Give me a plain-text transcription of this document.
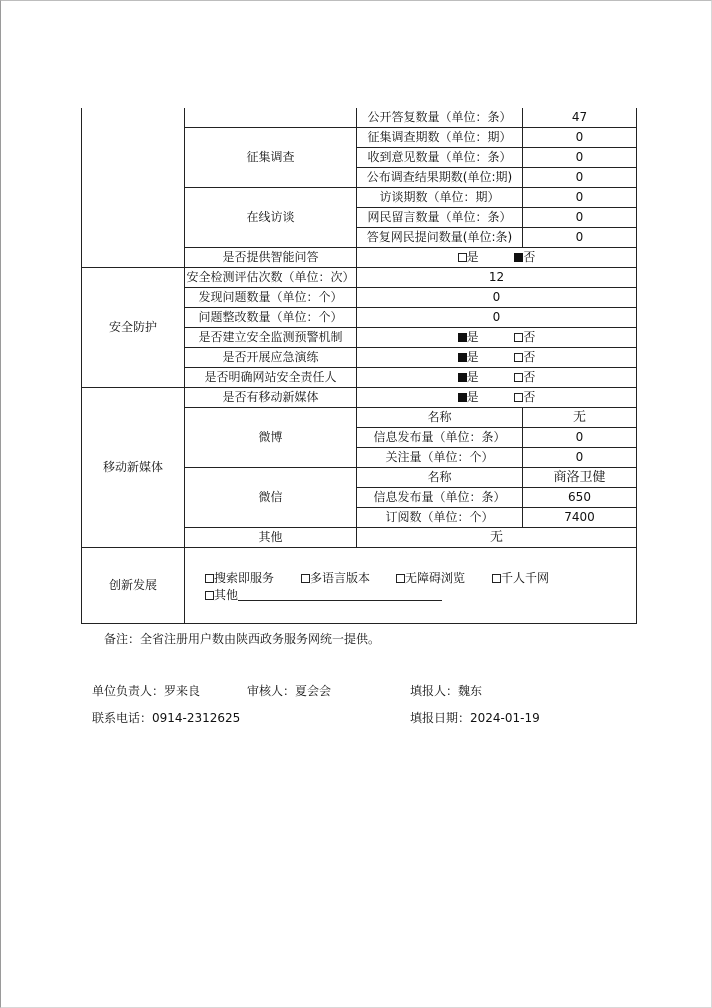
		公开答复数量（单位：条）	47
	征集调查	征集调查期数（单位：期）	0
		收到意见数量（单位：条）	0
		公布调查结果期数(单位:期)	0
	在线访谈	访谈期数（单位：期）	0
		网民留言数量（单位：条）	0
		答复网民提问数量(单位:条)	0
	是否提供智能问答	是 否	
安全防护	安全检测评估次数（单位：次）	12	
	发现问题数量（单位：个）	0	
	问题整改数量（单位：个）	0	
	是否建立安全监测预警机制	是 否	
	是否开展应急演练	是 否	
	是否明确网站安全责任人	是 否	
移动新媒体	是否有移动新媒体	是 否	
	微博	名称	无
		信息发布量（单位：条）	0
		关注量（单位：个）	0
	微信	名称	商洛卫健
		信息发布量（单位：条）	650
		订阅数（单位：个）	7400
	其他	无	
创新发展	搜索即服务 多语言版本 无障碍浏览 千人千网
其他		
备注：全省注册用户数由陕西政务服务网统一提供。
单位负责人：罗来良	审核人：夏会会	填报人：魏东
联系电话：0914-2312625	填报日期：2024-01-19
